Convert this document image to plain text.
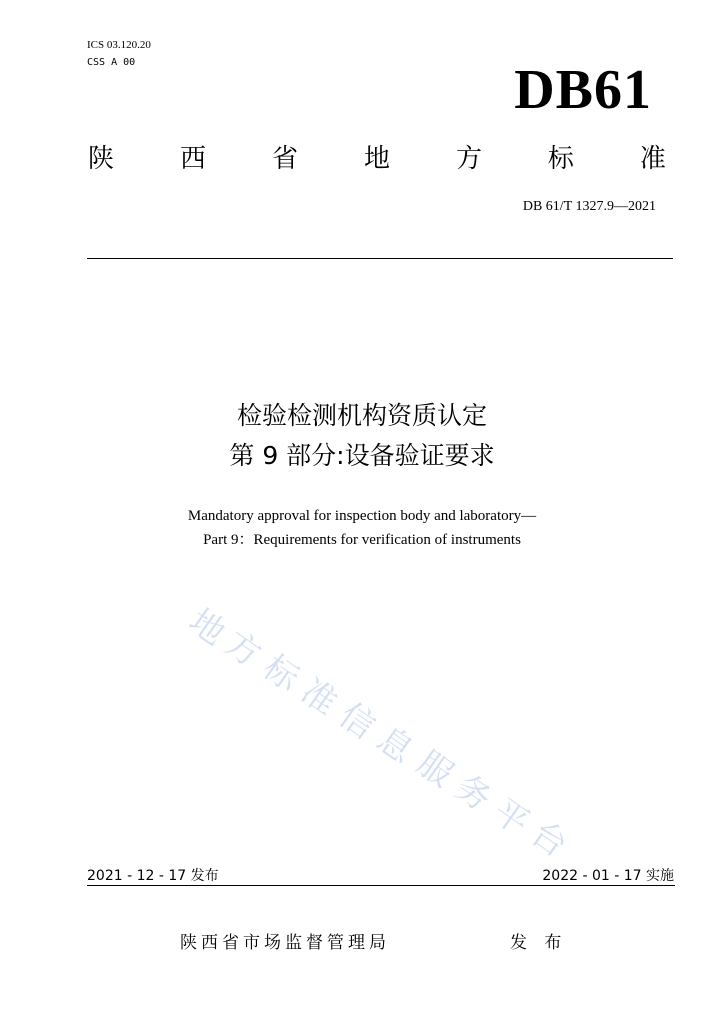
ICS 03.120.20
CSS A 00	DB61
陕	西	省	地	方	标	准
DB 61/T 1327.9—2021
检验检测机构资质认定
第 9 部分:设备验证要求
Mandatory approval for inspection body and laboratory—
Part 9：Requirements for verification of instruments
地
方
标
准
信
息
服
务
平
台
2021 - 12 - 17 发布	2022 - 01 - 17 实施
陕西省市场监督管理局	发 布
